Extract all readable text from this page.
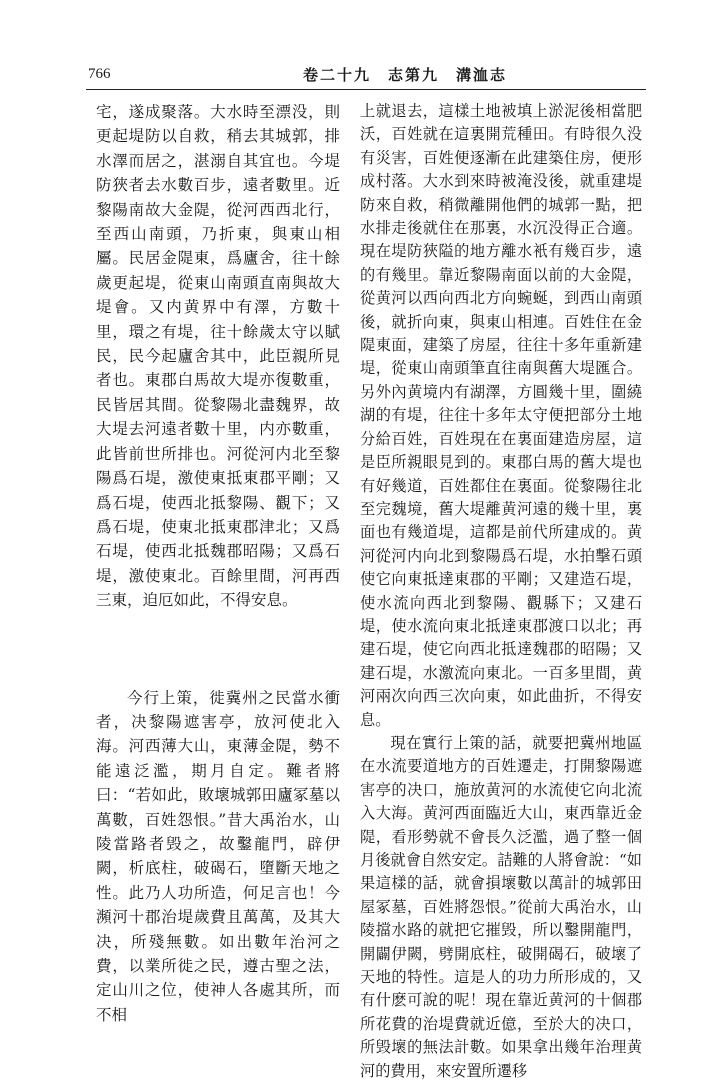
766	卷二十九　志第九　溝洫志

宅，遂成聚落。大水時至漂没，則更起堤防以自救，稍去其城郭，排水澤而居之，湛溺自其宜也。今堤防狹者去水數百步，遠者數里。近黎陽南故大金隄，從河西西北行，至西山南頭，乃折東，與東山相屬。民居金隄東，爲廬舍，往十餘歲更起堤，從東山南頭直南與故大堤會。又内黄界中有澤，方數十里，環之有堤，往十餘歲太守以賦民，民今起廬舍其中，此臣親所見者也。東郡白馬故大堤亦復數重，民皆居其間。從黎陽北盡魏界，故大堤去河遠者數十里，内亦數重，此皆前世所排也。河從河内北至黎陽爲石堤，激使東抵東郡平剛；又爲石堤，使西北抵黎陽、觀下；又爲石堤，使東北抵東郡津北；又爲石堤，使西北抵魏郡昭陽；又爲石堤，激使東北。百餘里間，河再西三東，迫厄如此，不得安息。

今行上策，徙冀州之民當水衝者，决黎陽遮害亭，放河使北入海。河西薄大山，東薄金隄，勢不能遠泛濫，期月自定。難者將曰：“若如此，敗壞城郭田廬冢墓以萬數，百姓怨恨。”昔大禹治水，山陵當路者毁之，故鑿龍門，辟伊闕，析底柱，破碣石，墮斷天地之性。此乃人功所造，何足言也！今瀕河十郡治堤歲費且萬萬，及其大决，所殘無數。如出數年治河之費，以業所徙之民，遵古聖之法，定山川之位，使神人各處其所，而不相

上就退去，這樣土地被填上淤泥後相當肥沃，百姓就在這裏開荒種田。有時很久没有災害，百姓便逐漸在此建築住房，便形成村落。大水到來時被淹没後，就重建堤防來自救，稍微離開他們的城郭一點，把水排走後就住在那裏，水沉没得正合適。現在堤防狹隘的地方離水衹有幾百步，遠的有幾里。靠近黎陽南面以前的大金隄，從黄河以西向西北方向蜿蜒，到西山南頭後，就折向東，與東山相連。百姓住在金隄東面，建築了房屋，往往十多年重新建堤，從東山南頭筆直往南與舊大堤匯合。另外內黄境内有湖澤，方圓幾十里，圍繞湖的有堤，往往十多年太守便把部分土地分給百姓，百姓現在在裏面建造房屋，這是臣所親眼見到的。東郡白馬的舊大堤也有好幾道，百姓都住在裏面。從黎陽往北至完魏境，舊大堤離黄河遠的幾十里，裏面也有幾道堤，這都是前代所建成的。黄河從河内向北到黎陽爲石堤，水拍擊石頭使它向東抵達東郡的平剛；又建造石堤，使水流向西北到黎陽、觀縣下；又建石堤，使水流向東北抵達東郡渡口以北；再建石堤，使它向西北抵達魏郡的昭陽；又建石堤，水激流向東北。一百多里間，黄河兩次向西三次向東，如此曲折，不得安息。

現在實行上策的話，就要把冀州地區在水流要道地方的百姓遷走，打開黎陽遮害亭的决口，施放黄河的水流使它向北流入大海。黄河西面臨近大山，東西靠近金隄，看形勢就不會長久泛濫，過了整一個月後就會自然安定。詰難的人將會說：“如果這樣的話，就會損壞數以萬計的城郭田屋冢墓，百姓將怨恨。”從前大禹治水，山陵擋水路的就把它摧毁，所以鑿開龍門，開闢伊闕，劈開底柱，破開碣石，破壞了天地的特性。這是人的功力所形成的，又有什麽可說的呢！現在靠近黄河的十個郡所花費的治堤費就近億，至於大的决口，所毁壞的無法計數。如果拿出幾年治理黄河的費用，來安置所遷移
